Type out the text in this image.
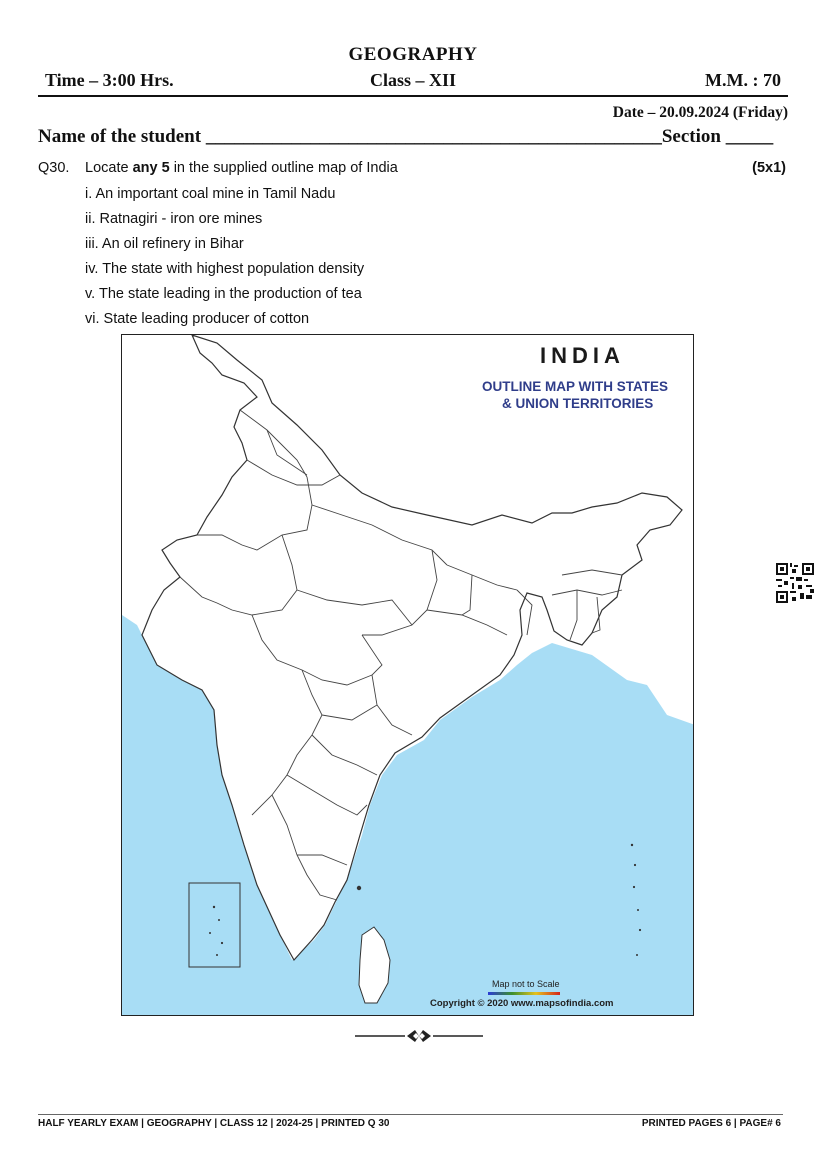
GEOGRAPHY
Time – 3:00 Hrs.	Class – XII	M.M. : 70
Date – 20.09.2024 (Friday)
Name of the student ________________________________________________Section _____
Q30. Locate any 5 in the supplied outline map of India	(5x1)
i. An important coal mine in Tamil Nadu
ii. Ratnagiri - iron ore mines
iii. An oil refinery in Bihar
iv. The state with highest population density
v. The state leading in the production of tea
vi. State leading producer of cotton
INDIA
OUTLINE MAP WITH STATES
& UNION TERRITORIES
Map not to Scale
Copyright © 2020 www.mapsofindia.com
HALF YEARLY EXAM | GEOGRAPHY | CLASS 12 | 2024-25 | PRINTED Q 30	PRINTED PAGES 6 | PAGE# 6
